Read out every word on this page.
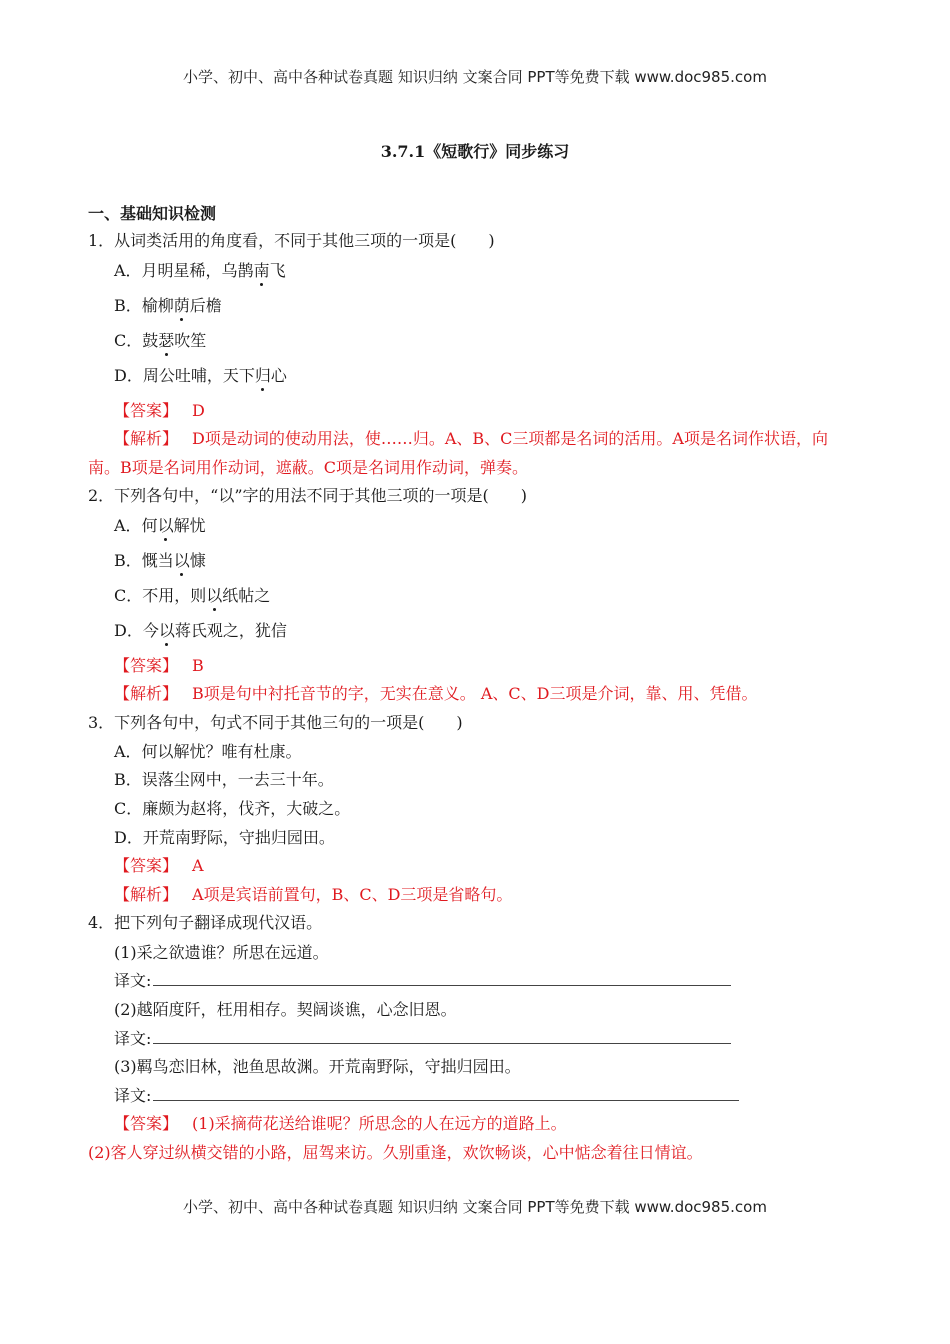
小学、初中、高中各种试卷真题 知识归纳 文案合同 PPT等免费下载 www.doc985.com
3.7.1《短歌行》同步练习
一、基础知识检测
1．从词类活用的角度看，不同于其他三项的一项是(　　)
A．月明星稀，乌鹊南飞
B．榆柳荫后檐
C．鼓瑟吹笙
D．周公吐哺，天下归心
【答案】 D
【解析】 D项是动词的使动用法，使……归。A、B、C三项都是名词的活用。A项是名词作状语，向
南。B项是名词用作动词，遮蔽。C项是名词用作动词，弹奏。
2．下列各句中，“以”字的用法不同于其他三项的一项是(　　)
A．何以解忧
B．慨当以慷
C．不用，则以纸帖之
D．今以蒋氏观之，犹信
【答案】 B
【解析】 B项是句中衬托音节的字，无实在意义。 A、C、D三项是介词，靠、用、凭借。
3．下列各句中，句式不同于其他三句的一项是(　　)
A．何以解忧？唯有杜康。
B．误落尘网中，一去三十年。
C．廉颇为赵将，伐齐，大破之。
D．开荒南野际，守拙归园田。
【答案】 A
【解析】 A项是宾语前置句，B、C、D三项是省略句。
4．把下列句子翻译成现代汉语。
(1)采之欲遗谁？所思在远道。
译文:
(2)越陌度阡，枉用相存。契阔谈谯，心念旧恩。
译文:
(3)羁鸟恋旧林，池鱼思故渊。开荒南野际，守拙归园田。
译文:
【答案】 (1)采摘荷花送给谁呢？所思念的人在远方的道路上。
(2)客人穿过纵横交错的小路，屈驾来访。久别重逢，欢饮畅谈，心中惦念着往日情谊。
小学、初中、高中各种试卷真题 知识归纳 文案合同 PPT等免费下载 www.doc985.com
